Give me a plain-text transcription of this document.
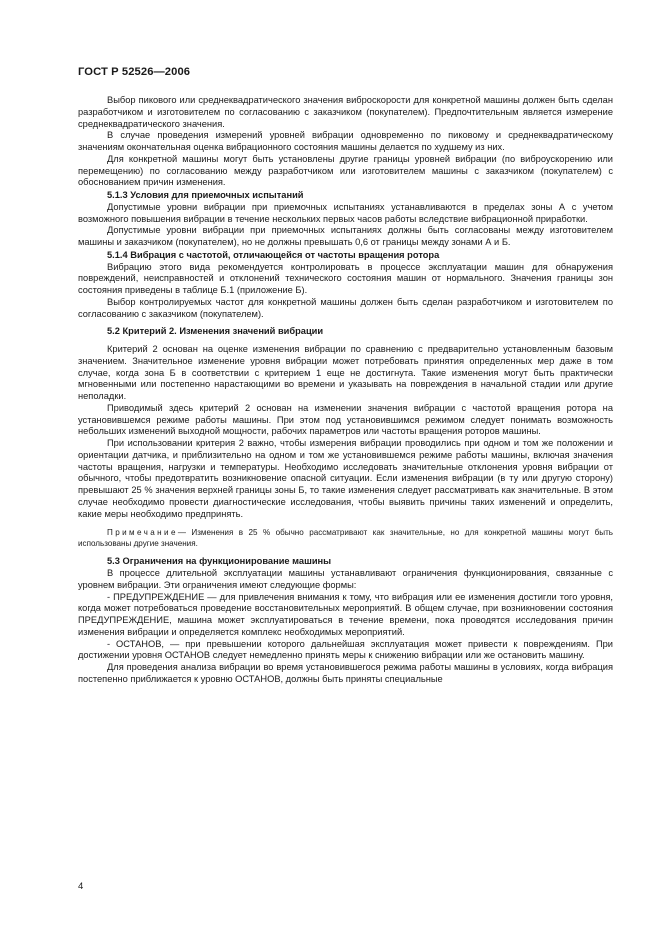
ГОСТ Р 52526—2006

Выбор пикового или среднеквадратического значения виброскорости для конкретной машины должен быть сделан разработчиком и изготовителем по согласованию с заказчиком (покупателем). Предпочтительным является измерение среднеквадратического значения.

В случае проведения измерений уровней вибрации одновременно по пиковому и среднеквадратическому значениям окончательная оценка вибрационного состояния машины делается по худшему из них.

Для конкретной машины могут быть установлены другие границы уровней вибрации (по виброускорению или перемещению) по согласованию между разработчиком или изготовителем машины с заказчиком (покупателем) с обоснованием причин изменения.

5.1.3 Условия для приемочных испытаний

Допустимые уровни вибрации при приемочных испытаниях устанавливаются в пределах зоны А с учетом возможного повышения вибрации в течение нескольких первых часов работы вследствие вибрационной приработки.

Допустимые уровни вибрации при приемочных испытаниях должны быть согласованы между изготовителем машины и заказчиком (покупателем), но не должны превышать 0,6 от границы между зонами А и Б.

5.1.4 Вибрация с частотой, отличающейся от частоты вращения ротора

Вибрацию этого вида рекомендуется контролировать в процессе эксплуатации машин для обнаружения повреждений, неисправностей и отклонений технического состояния машин от нормального. Значения границы зон состояния приведены в таблице Б.1 (приложение Б).

Выбор контролируемых частот для конкретной машины должен быть сделан разработчиком и изготовителем по согласованию с заказчиком (покупателем).

5.2 Критерий 2. Изменения значений вибрации

Критерий 2 основан на оценке изменения вибрации по сравнению с предварительно установленным базовым значением. Значительное изменение уровня вибрации может потребовать принятия определенных мер даже в том случае, когда зона Б в соответствии с критерием 1 еще не достигнута. Такие изменения могут быть практически мгновенными или постепенно нарастающими во времени и указывать на повреждения в начальной стадии или другие неполадки.

Приводимый здесь критерий 2 основан на изменении значения вибрации с частотой вращения ротора на установившемся режиме работы машины. При этом под установившимся режимом следует понимать возможность небольших изменений выходной мощности, рабочих параметров или частоты вращения роторов машины.

При использовании критерия 2 важно, чтобы измерения вибрации проводились при одном и том же положении и ориентации датчика, и приблизительно на одном и том же установившемся режиме работы машины, включая значения частоты вращения, нагрузки и температуры. Необходимо исследовать значительные отклонения уровня вибрации от обычного, чтобы предотвратить возникновение опасной ситуации. Если изменения вибрации (в ту или другую сторону) превышают 25 % значения верхней границы зоны Б, то такие изменения следует рассматривать как значительные. В этом случае необходимо провести диагностические исследования, чтобы выявить причины таких изменений и определить, какие меры необходимо предпринять.

Примечание— Изменения в 25 % обычно рассматривают как значительные, но для конкретной машины могут быть использованы другие значения.

5.3 Ограничения на функционирование машины

В процессе длительной эксплуатации машины устанавливают ограничения функционирования, связанные с уровнем вибрации. Эти ограничения имеют следующие формы:

- ПРЕДУПРЕЖДЕНИЕ — для привлечения внимания к тому, что вибрация или ее изменения достигли того уровня, когда может потребоваться проведение восстановительных мероприятий. В общем случае, при возникновении состояния ПРЕДУПРЕЖДЕНИЕ, машина может эксплуатироваться в течение времени, пока проводятся исследования причин изменения вибрации и определяется комплекс необходимых мероприятий.

- ОСТАНОВ, — при превышении которого дальнейшая эксплуатация может привести к повреждениям. При достижении уровня ОСТАНОВ следует немедленно принять меры к снижению вибрации или же остановить машину.

Для проведения анализа вибрации во время установившегося режима работы машины в условиях, когда вибрация постепенно приближается к уровню ОСТАНОВ, должны быть приняты специальные

4
